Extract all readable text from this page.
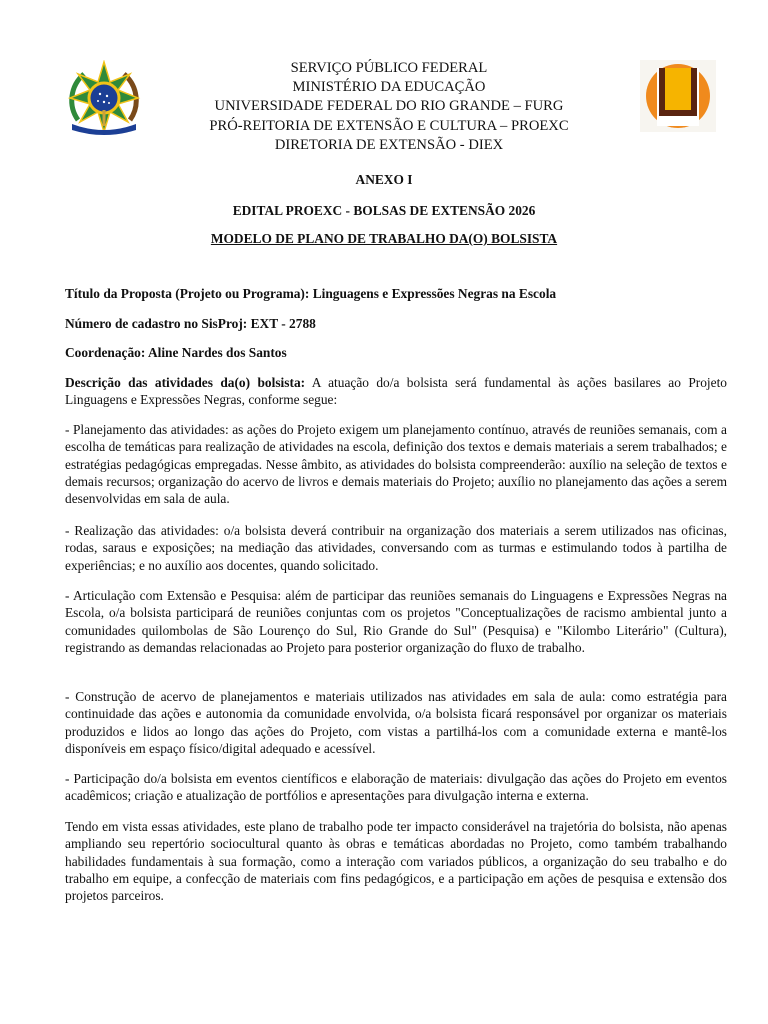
SERVIÇO PÚBLICO FEDERAL
MINISTÉRIO DA EDUCAÇÃO
UNIVERSIDADE FEDERAL DO RIO GRANDE – FURG
PRÓ-REITORIA DE EXTENSÃO E CULTURA – PROEXC
DIRETORIA DE EXTENSÃO - DIEX
ANEXO I
EDITAL PROEXC - BOLSAS DE EXTENSÃO 2026
MODELO DE PLANO DE TRABALHO DA(O) BOLSISTA
Título da Proposta (Projeto ou Programa): Linguagens e Expressões Negras na Escola
Número de cadastro no SisProj: EXT - 2788
Coordenação: Aline Nardes dos Santos

Descrição das atividades da(o) bolsista: A atuação do/a bolsista será fundamental às ações basilares ao Projeto Linguagens e Expressões Negras, conforme segue:

- Planejamento das atividades: as ações do Projeto exigem um planejamento contínuo, através de reuniões semanais, com a escolha de temáticas para realização de atividades na escola, definição dos textos e demais materiais a serem trabalhados; e estratégias pedagógicas empregadas. Nesse âmbito, as atividades do bolsista compreenderão: auxílio na seleção de textos e demais recursos; organização do acervo de livros e demais materiais do Projeto; auxílio no planejamento das ações a serem desenvolvidas em sala de aula.

- Realização das atividades: o/a bolsista deverá contribuir na organização dos materiais a serem utilizados nas oficinas, rodas, saraus e exposições; na mediação das atividades, conversando com as turmas e estimulando todos à partilha de experiências; e no auxílio aos docentes, quando solicitado.

- Articulação com Extensão e Pesquisa: além de participar das reuniões semanais do Linguagens e Expressões Negras na Escola, o/a bolsista participará de reuniões conjuntas com os projetos "Conceptualizações de racismo ambiental junto a comunidades quilombolas de São Lourenço do Sul, Rio Grande do Sul" (Pesquisa) e "Kilombo Literário" (Cultura), registrando as demandas relacionadas ao Projeto para posterior organização do fluxo de trabalho.

- Construção de acervo de planejamentos e materiais utilizados nas atividades em sala de aula: como estratégia para continuidade das ações e autonomia da comunidade envolvida, o/a bolsista ficará responsável por organizar os materiais produzidos e lidos ao longo das ações do Projeto, com vistas a partilhá-los com a comunidade externa e mantê-los disponíveis em espaço físico/digital adequado e acessível.

- Participação do/a bolsista em eventos científicos e elaboração de materiais: divulgação das ações do Projeto em eventos acadêmicos; criação e atualização de portfólios e apresentações para divulgação interna e externa.

Tendo em vista essas atividades, este plano de trabalho pode ter impacto considerável na trajetória do bolsista, não apenas ampliando seu repertório sociocultural quanto às obras e temáticas abordadas no Projeto, como também trabalhando habilidades fundamentais à sua formação, como a interação com variados públicos, a organização do seu trabalho e do trabalho em equipe, a confecção de materiais com fins pedagógicos, e a participação em ações de pesquisa e extensão dos projetos parceiros.
